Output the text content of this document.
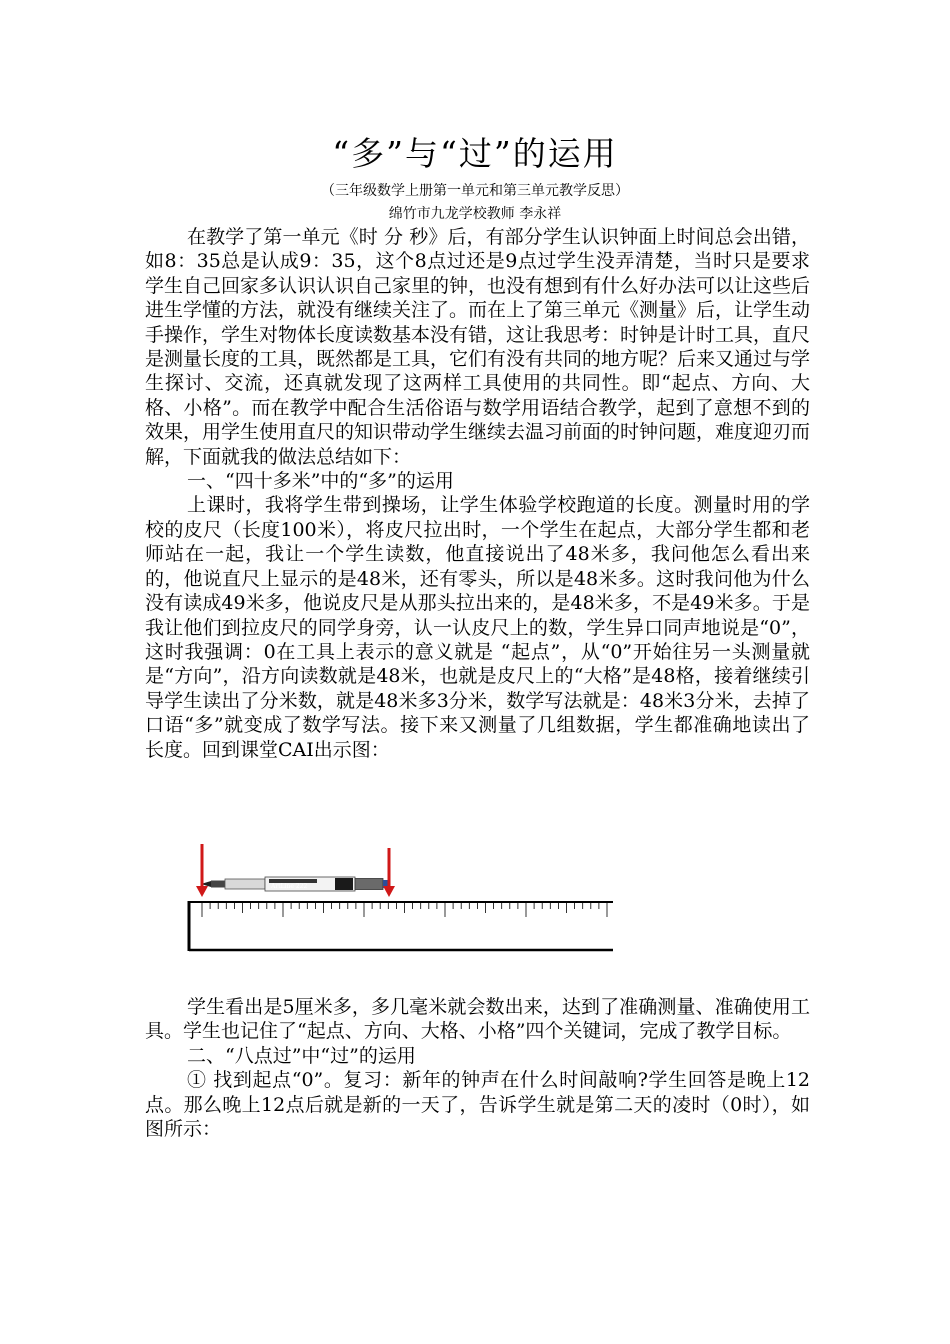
“多”与“过”的运用
（三年级数学上册第一单元和第三单元教学反思）
绵竹市九龙学校教师 李永祥

在教学了第一单元《时 分 秒》后，有部分学生认识钟面上时间总会出错，如8：35总是认成9：35，这个8点过还是9点过学生没弄清楚，当时只是要求学生自己回家多认识认识自己家里的钟，也没有想到有什么好办法可以让这些后进生学懂的方法，就没有继续关注了。而在上了第三单元《测量》后，让学生动手操作，学生对物体长度读数基本没有错，这让我思考：时钟是计时工具，直尺是测量长度的工具，既然都是工具，它们有没有共同的地方呢？后来又通过与学生探讨、交流，还真就发现了这两样工具使用的共同性。即“起点、方向、大格、小格”。而在教学中配合生活俗语与数学用语结合教学，起到了意想不到的效果，用学生使用直尺的知识带动学生继续去温习前面的时钟问题，难度迎刃而解，下面就我的做法总结如下：

一、“四十多米”中的“多”的运用

上课时，我将学生带到操场，让学生体验学校跑道的长度。测量时用的学校的皮尺（长度100米），将皮尺拉出时，一个学生在起点，大部分学生都和老师站在一起，我让一个学生读数，他直接说出了48米多，我问他怎么看出来的，他说直尺上显示的是48米，还有零头，所以是48米多。这时我问他为什么没有读成49米多，他说皮尺是从那头拉出来的，是48米多，不是49米多。于是我让他们到拉皮尺的同学身旁，认一认皮尺上的数，学生异口同声地说是“0”，这时我强调：0在工具上表示的意义就是 “起点”，从“0”开始往另一头测量就是“方向”，沿方向读数就是48米，也就是皮尺上的“大格”是48格，接着继续引导学生读出了分米数，就是48米多3分米，数学写法就是：48米3分米，去掉了口语“多”就变成了数学写法。接下来又测量了几组数据，学生都准确地读出了长度。回到课堂CAI出示图：

ArtLine 222

学生看出是5厘米多，多几毫米就会数出来，达到了准确测量、准确使用工具。学生也记住了“起点、方向、大格、小格”四个关键词，完成了教学目标。

二、“八点过”中“过”的运用

① 找到起点“0”。复习：新年的钟声在什么时间敲响?学生回答是晚上12点。那么晚上12点后就是新的一天了，告诉学生就是第二天的凌时（0时），如图所示：
